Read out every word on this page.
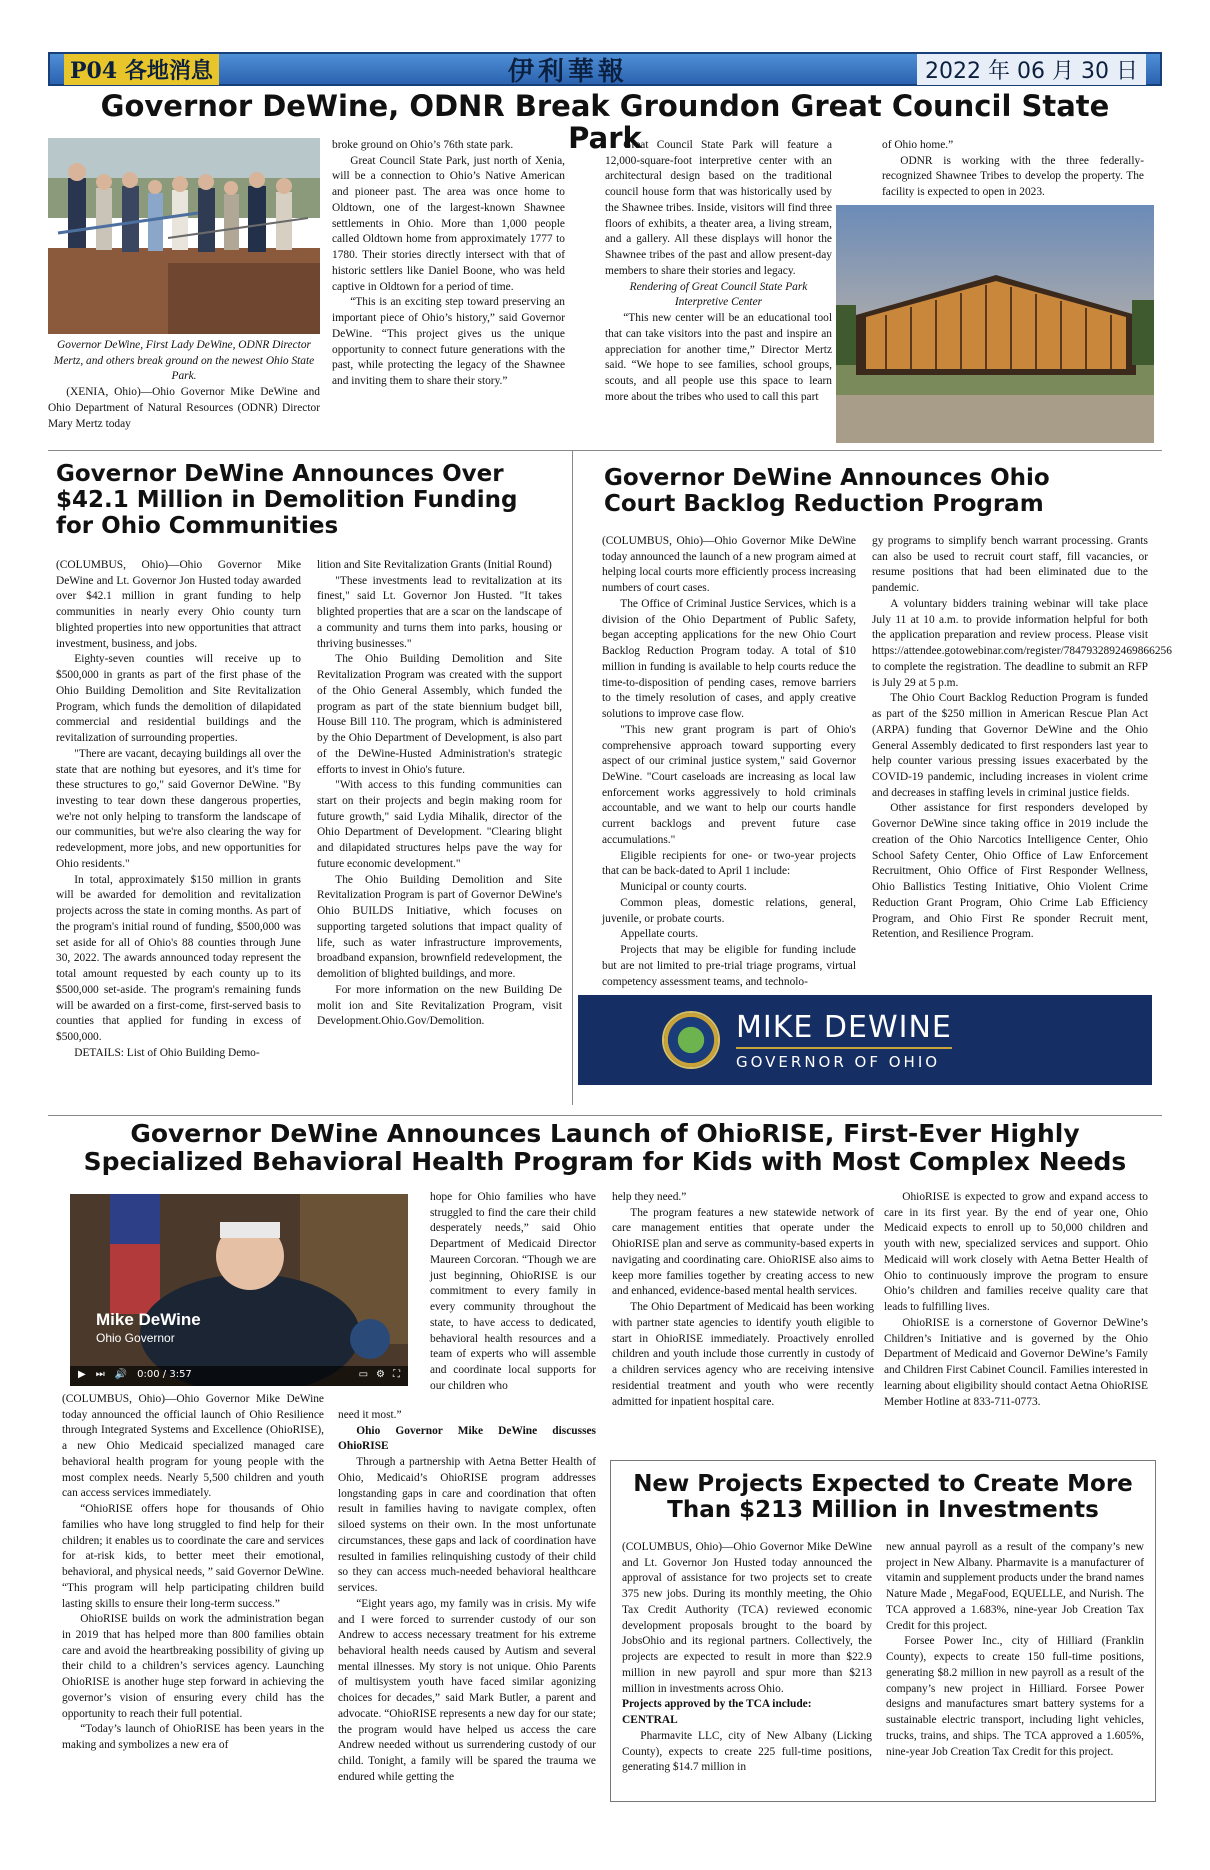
P04 各地消息	伊利華報	2022 年 06 月 30 日
Governor DeWine, ODNR Break Groundon Great Council State Park

Governor DeWine, First Lady DeWine, ODNR Director Mertz, and others break ground on the newest Ohio State Park.

(XENIA, Ohio)—Ohio Governor Mike DeWine and Ohio Department of Natural Resources (ODNR) Director Mary Mertz today

broke ground on Ohio’s 76th state park.

Great Council State Park, just north of Xenia, will be a connection to Ohio’s Native American and pioneer past. The area was once home to Oldtown, one of the largest-known Shawnee settlements in Ohio. More than 1,000 people called Oldtown home from approximately 1777 to 1780. Their stories directly intersect with that of historic settlers like Daniel Boone, who was held captive in Oldtown for a period of time.

“This is an exciting step toward preserving an important piece of Ohio’s history,” said Governor DeWine. “This project gives us the unique opportunity to connect future generations with the past, while protecting the legacy of the Shawnee and inviting them to share their story.”

Great Council State Park will feature a 12,000-square-foot interpretive center with an architectural design based on the traditional council house form that was historically used by the Shawnee tribes. Inside, visitors will find three floors of exhibits, a theater area, a living stream, and a gallery. All these displays will honor the Shawnee tribes of the past and allow present-day members to share their stories and legacy.

Rendering of Great Council State Park Interpretive Center

“This new center will be an educational tool that can take visitors into the past and inspire an appreciation for another time,” Director Mertz said. “We hope to see families, school groups, scouts, and all people use this space to learn more about the tribes who used to call this part

of Ohio home.”

ODNR is working with the three federally-recognized Shawnee Tribes to develop the property. The facility is expected to open in 2023.

Governor DeWine Announces Over $42.1 Million in Demolition Funding for Ohio Communities

(COLUMBUS, Ohio)—Ohio Governor Mike DeWine and Lt. Governor Jon Husted today awarded over $42.1 million in grant funding to help communities in nearly every Ohio county turn blighted properties into new opportunities that attract investment, business, and jobs.

Eighty-seven counties will receive up to $500,000 in grants as part of the first phase of the Ohio Building Demolition and Site Revitalization Program, which funds the demolition of dilapidated commercial and residential buildings and the revitalization of surrounding properties.

"There are vacant, decaying buildings all over the state that are nothing but eyesores, and it's time for these structures to go," said Governor DeWine. "By investing to tear down these dangerous properties, we're not only helping to transform the landscape of our communities, but we're also clearing the way for redevelopment, more jobs, and new opportunities for Ohio residents."

In total, approximately $150 million in grants will be awarded for demolition and revitalization projects across the state in coming months. As part of the program's initial round of funding, $500,000 was set aside for all of Ohio's 88 counties through June 30, 2022. The awards announced today represent the total amount requested by each county up to its $500,000 set-aside. The program's remaining funds will be awarded on a first-come, first-served basis to counties that applied for funding in excess of $500,000.

DETAILS: List of Ohio Building Demo-

lition and Site Revitalization Grants (Initial Round)

"These investments lead to revitalization at its finest," said Lt. Governor Jon Husted. "It takes blighted properties that are a scar on the landscape of a community and turns them into parks, housing or thriving businesses."

The Ohio Building Demolition and Site Revitalization Program was created with the support of the Ohio General Assembly, which funded the program as part of the state biennium budget bill, House Bill 110. The program, which is administered by the Ohio Department of Development, is also part of the DeWine-Husted Administration's strategic efforts to invest in Ohio's future.

"With access to this funding communities can start on their projects and begin making room for future growth," said Lydia Mihalik, director of the Ohio Department of Development. "Clearing blight and dilapidated structures helps pave the way for future economic development."

The Ohio Building Demolition and Site Revitalization Program is part of Governor DeWine's Ohio BUILDS Initiative, which focuses on supporting targeted solutions that impact quality of life, such as water infrastructure improvements, broadband expansion, brownfield redevelopment, the demolition of blighted buildings, and more.

For more information on the new Building De molit ion and Site Revitalization Program, visit Development.Ohio.Gov/Demolition.

Governor DeWine Announces Ohio Court Backlog Reduction Program

(COLUMBUS, Ohio)—Ohio Governor Mike DeWine today announced the launch of a new program aimed at helping local courts more efficiently process increasing numbers of court cases.

The Office of Criminal Justice Services, which is a division of the Ohio Department of Public Safety, began accepting applications for the new Ohio Court Backlog Reduction Program today. A total of $10 million in funding is available to help courts reduce the time-to-disposition of pending cases, remove barriers to the timely resolution of cases, and apply creative solutions to improve case flow.

"This new grant program is part of Ohio's comprehensive approach toward supporting every aspect of our criminal justice system," said Governor DeWine. "Court caseloads are increasing as local law enforcement works aggressively to hold criminals accountable, and we want to help our courts handle current backlogs and prevent future case accumulations."

Eligible recipients for one- or two-year projects that can be back-dated to April 1 include:

Municipal or county courts.

Common pleas, domestic relations, general, juvenile, or probate courts.

Appellate courts.

Projects that may be eligible for funding include but are not limited to pre-trial triage programs, virtual competency assessment teams, and technolo-

gy programs to simplify bench warrant processing. Grants can also be used to recruit court staff, fill vacancies, or resume positions that had been eliminated due to the pandemic.

A voluntary bidders training webinar will take place July 11 at 10 a.m. to provide information helpful for both the application preparation and review process. Please visit https://attendee.gotowebinar.com/register/7847932892469866256 to complete the registration. The deadline to submit an RFP is July 29 at 5 p.m.

The Ohio Court Backlog Reduction Program is funded as part of the $250 million in American Rescue Plan Act (ARPA) funding that Governor DeWine and the Ohio General Assembly dedicated to first responders last year to help counter various pressing issues exacerbated by the COVID-19 pandemic, including increases in violent crime and decreases in staffing levels in criminal justice fields.

Other assistance for first responders developed by Governor DeWine since taking office in 2019 include the creation of the Ohio Narcotics Intelligence Center, Ohio School Safety Center, Ohio Office of Law Enforcement Recruitment, Ohio Office of First Responder Wellness, Ohio Ballistics Testing Initiative, Ohio Violent Crime Reduction Grant Program, Ohio Crime Lab Efficiency Program, and Ohio First Re sponder Recruit ment, Retention, and Resilience Program.

MIKE DEWINE
GOVERNOR OF OHIO
Governor DeWine Announces Launch of OhioRISE, First-Ever Highly
Specialized Behavioral Health Program for Kids with Most Complex Needs
Mike DeWine
Ohio Governor
▶ ⏭ 🔊 0:00 / 3:57	▭ ⚙ ⛶

(COLUMBUS, Ohio)—Ohio Governor Mike DeWine today announced the official launch of Ohio Resilience through Integrated Systems and Excellence (OhioRISE), a new Ohio Medicaid specialized managed care behavioral health program for young people with the most complex needs. Nearly 5,500 children and youth can access services immediately.

“OhioRISE offers hope for thousands of Ohio families who have long struggled to find help for their children; it enables us to coordinate the care and services for at-risk kids, to better meet their emotional, behavioral, and physical needs, ” said Governor DeWine. “This program will help participating children build lasting skills to ensure their long-term success.”

OhioRISE builds on work the administration began in 2019 that has helped more than 800 families obtain care and avoid the heartbreaking possibility of giving up their child to a children’s services agency. Launching OhioRISE is another huge step forward in achieving the governor’s vision of ensuring every child has the opportunity to reach their full potential.

“Today’s launch of OhioRISE has been years in the making and symbolizes a new era of

hope for Ohio families who have struggled to find the care their child desperately needs,” said Ohio Department of Medicaid Director Maureen Corcoran. “Though we are just beginning, OhioRISE is our commitment to every family in every community throughout the state, to have access to dedicated, behavioral health resources and a team of experts who will assemble and coordinate local supports for our children who

need it most.”

Ohio Governor Mike DeWine discusses OhioRISE

Through a partnership with Aetna Better Health of Ohio, Medicaid’s OhioRISE program addresses longstanding gaps in care and coordination that often result in families having to navigate complex, often siloed systems on their own. In the most unfortunate circumstances, these gaps and lack of coordination have resulted in families relinquishing custody of their child so they can access much-needed behavioral healthcare services.

“Eight years ago, my family was in crisis. My wife and I were forced to surrender custody of our son Andrew to access necessary treatment for his extreme behavioral health needs caused by Autism and several mental illnesses. My story is not unique. Ohio Parents of multisystem youth have faced similar agonizing choices for decades,” said Mark Butler, a parent and advocate. “OhioRISE represents a new day for our state; the program would have helped us access the care Andrew needed without us surrendering custody of our child. Tonight, a family will be spared the trauma we endured while getting the

help they need.”

The program features a new statewide network of care management entities that operate under the OhioRISE plan and serve as community-based experts in navigating and coordinating care. OhioRISE also aims to keep more families together by creating access to new and enhanced, evidence-based mental health services.

The Ohio Department of Medicaid has been working with partner state agencies to identify youth eligible to start in OhioRISE immediately. Proactively enrolled children and youth include those currently in custody of a children services agency who are receiving intensive residential treatment and youth who were recently admitted for inpatient hospital care.

OhioRISE is expected to grow and expand access to care in its first year. By the end of year one, Ohio Medicaid expects to enroll up to 50,000 children and youth with new, specialized services and support. Ohio Medicaid will work closely with Aetna Better Health of Ohio to continuously improve the program to ensure Ohio’s children and families receive quality care that leads to fulfilling lives.

OhioRISE is a cornerstone of Governor DeWine’s Children’s Initiative and is governed by the Ohio Department of Medicaid and Governor DeWine’s Family and Children First Cabinet Council. Families interested in learning about eligibility should contact Aetna OhioRISE Member Hotline at 833-711-0773.

New Projects Expected to Create More Than $213 Million in Investments

(COLUMBUS, Ohio)—Ohio Governor Mike DeWine and Lt. Governor Jon Husted today announced the approval of assistance for two projects set to create 375 new jobs. During its monthly meeting, the Ohio Tax Credit Authority (TCA) reviewed economic development proposals brought to the board by JobsOhio and its regional partners. Collectively, the projects are expected to result in more than $22.9 million in new payroll and spur more than $213 million in investments across Ohio.

Projects approved by the TCA include:

CENTRAL

Pharmavite LLC, city of New Albany (Licking County), expects to create 225 full-time positions, generating $14.7 million in

new annual payroll as a result of the company’s new project in New Albany. Pharmavite is a manufacturer of vitamin and supplement products under the brand names Nature Made , MegaFood, EQUELLE, and Nurish. The TCA approved a 1.683%, nine-year Job Creation Tax Credit for this project.

Forsee Power Inc., city of Hilliard (Franklin County), expects to create 150 full-time positions, generating $8.2 million in new payroll as a result of the company’s new project in Hilliard. Forsee Power designs and manufactures smart battery systems for a sustainable electric transport, including light vehicles, trucks, trains, and ships. The TCA approved a 1.605%, nine-year Job Creation Tax Credit for this project.
